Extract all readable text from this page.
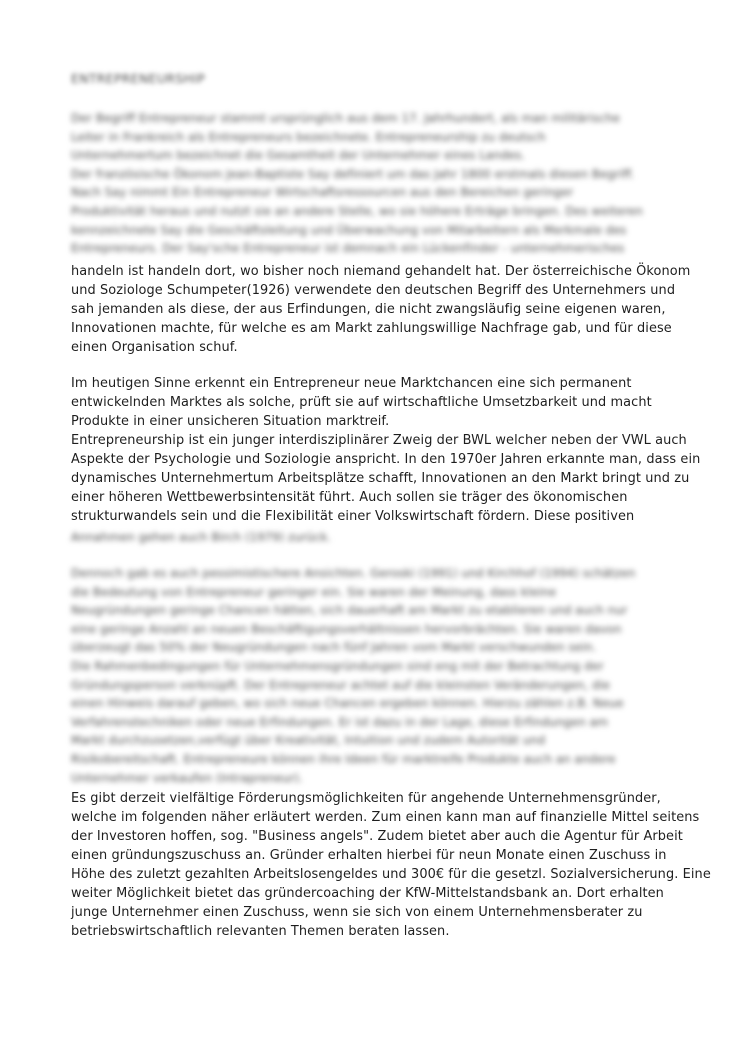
ENTREPRENEURSHIP

Der Begriff Entrepreneur stammt ursprünglich aus dem 17. Jahrhundert, als man militärische

Leiter in Frankreich als Entrepreneurs bezeichnete. Entrepreneurship zu deutsch

Unternehmertum bezeichnet die Gesamtheit der Unternehmer eines Landes.

Der französische Ökonom Jean-Baptiste Say definiert um das Jahr 1800 erstmals diesen Begriff.

Nach Say nimmt Ein Entrepreneur Wirtschaftsressourcen aus den Bereichen geringer

Produktivität heraus und nutzt sie an andere Stelle, wo sie höhere Erträge bringen. Des weiteren

kennzeichnete Say die Geschäftsleitung und Überwachung von Mitarbeitern als Merkmale des

Entrepreneurs. Der Say'sche Entrepreneur ist demnach ein Lückenfinder - unternehmerisches

handeln ist handeln dort, wo bisher noch niemand gehandelt hat. Der österreichische Ökonom

und Soziologe Schumpeter(1926) verwendete den deutschen Begriff des Unternehmers und

sah jemanden als diese, der aus Erfindungen, die nicht zwangsläufig seine eigenen waren,

Innovationen machte, für welche es am Markt zahlungswillige Nachfrage gab, und für diese

einen Organisation schuf.

Im heutigen Sinne erkennt ein Entrepreneur neue Marktchancen eine sich permanent

entwickelnden Marktes als solche, prüft sie auf wirtschaftliche Umsetzbarkeit und macht

Produkte in einer unsicheren Situation marktreif.

Entrepreneurship ist ein junger interdisziplinärer Zweig der BWL welcher neben der VWL auch

Aspekte der Psychologie und Soziologie anspricht. In den 1970er Jahren erkannte man, dass ein

dynamisches Unternehmertum Arbeitsplätze schafft, Innovationen an den Markt bringt und zu

einer höheren Wettbewerbsintensität führt. Auch sollen sie träger des ökonomischen

strukturwandels sein und die Flexibilität einer Volkswirtschaft fördern. Diese positiven

Annahmen gehen auch Birch (1979) zurück.

Dennoch gab es auch pessimistischere Ansichten. Geroski (1991) und Kirchhof (1994) schätzen

die Bedeutung von Entrepreneur geringer ein. Sie waren der Meinung, dass kleine

Neugründungen geringe Chancen hätten, sich dauerhaft am Markt zu etablieren und auch nur

eine geringe Anzahl an neuen Beschäftigungsverhältnissen hervorbrächten. Sie waren davon

überzeugt das 50% der Neugründungen nach fünf Jahren vom Markt verschwunden sein.

Die Rahmenbedingungen für Unternehmensgründungen sind eng mit der Betrachtung der

Gründungsperson verknüpft. Der Entrepreneur achtet auf die kleinsten Veränderungen, die

einen Hinweis darauf geben, wo sich neue Chancen ergeben können. Hierzu zählen z.B. Neue

Verfahrenstechniken oder neue Erfindungen. Er ist dazu in der Lage, diese Erfindungen am

Markt durchzusetzen,verfügt über Kreativität, Intuition und zudem Autorität und

Risikobereitschaft. Entrepreneure können ihre Ideen für marktreife Produkte auch an andere

Unternehmer verkaufen (Intrapreneur).

Es gibt derzeit vielfältige Förderungsmöglichkeiten für angehende Unternehmensgründer,

welche im folgenden näher erläutert werden. Zum einen kann man auf finanzielle Mittel seitens

der Investoren hoffen, sog. "Business angels". Zudem bietet aber auch die Agentur für Arbeit

einen gründungszuschuss an. Gründer erhalten hierbei für neun Monate einen Zuschuss in

Höhe des zuletzt gezahlten Arbeitslosengeldes und 300€ für die gesetzl. Sozialversicherung. Eine

weiter Möglichkeit bietet das gründercoaching der KfW-Mittelstandsbank an. Dort erhalten

junge Unternehmer einen Zuschuss, wenn sie sich von einem Unternehmensberater zu

betriebswirtschaftlich relevanten Themen beraten lassen.
